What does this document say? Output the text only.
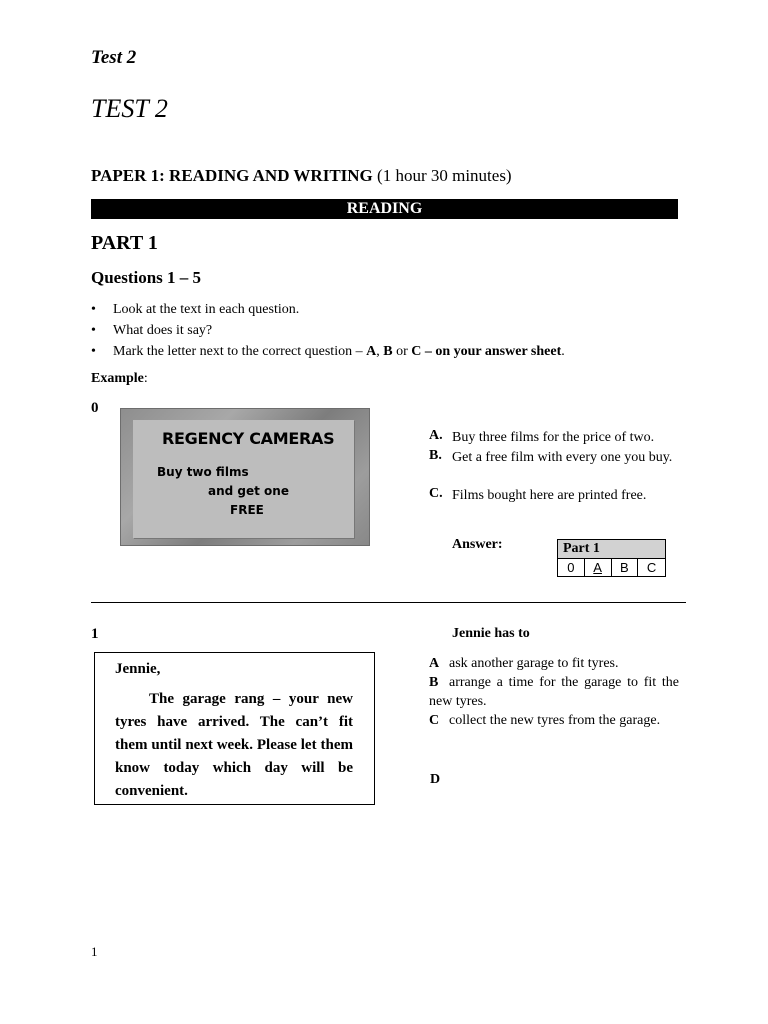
Test 2
TEST 2
PAPER 1: READING AND WRITING (1 hour 30 minutes)
READING
PART 1
Questions 1 – 5
• Look at the text in each question.
• What does it say?
• Mark the letter next to the correct question – A, B or C – on your answer sheet.
Example:
0
REGENCY CAMERAS
Buy two films
and get one
FREE
A. Buy three films for the price of two.
B. Get a free film with every one you buy.
C. Films bought here are printed free.
Answer:	Part 1
0	A	B	C
1	Jennie has to
Jennie,

The garage rang – your new tyres have arrived. The can’t fit them until next week. Please let them know today which day will be convenient.

A ask another garage to fit tyres.

B arrange a time for the garage to fit the new tyres.

C collect the new tyres from the garage.

D
1
